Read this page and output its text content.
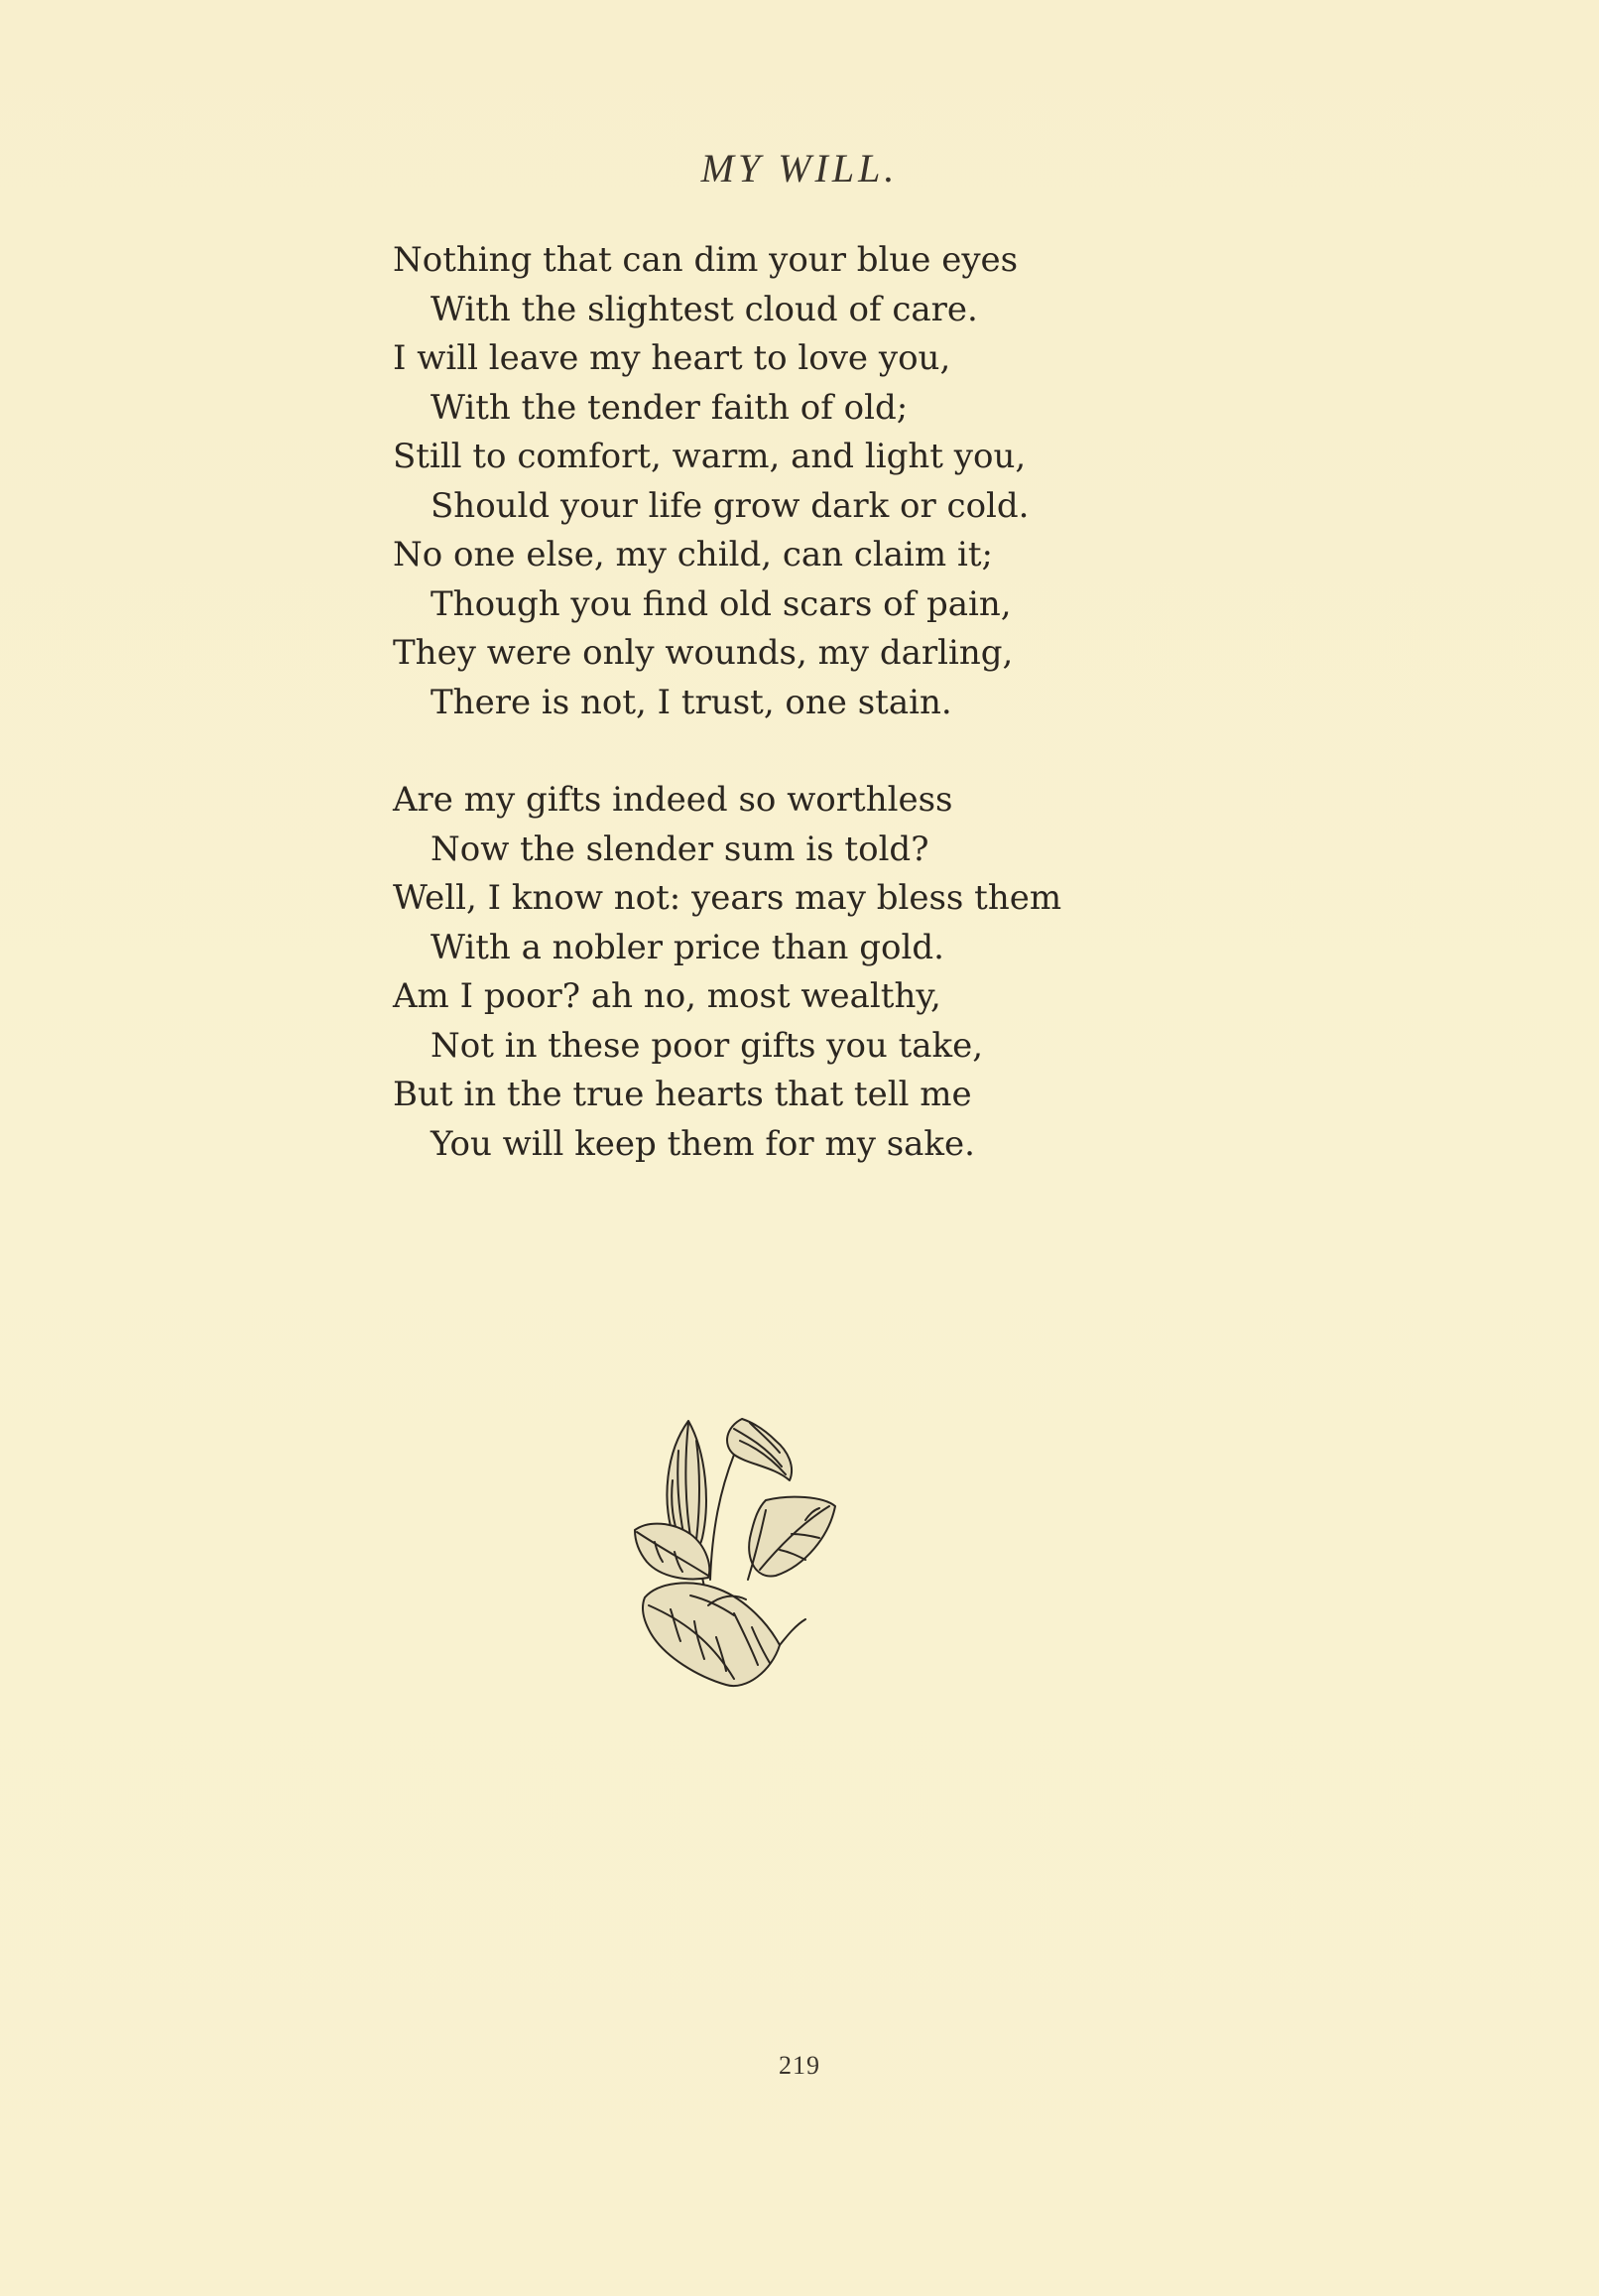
MY WILL.
Nothing that can dim your blue eyes
With the slightest cloud of care.
I will leave my heart to love you,
With the tender faith of old;
Still to comfort, warm, and light you,
Should your life grow dark or cold.
No one else, my child, can claim it;
Though you find old scars of pain,
They were only wounds, my darling,
There is not, I trust, one stain.
Are my gifts indeed so worthless
Now the slender sum is told?
Well, I know not: years may bless them
With a nobler price than gold.
Am I poor? ah no, most wealthy,
Not in these poor gifts you take,
But in the true hearts that tell me
You will keep them for my sake.
219
